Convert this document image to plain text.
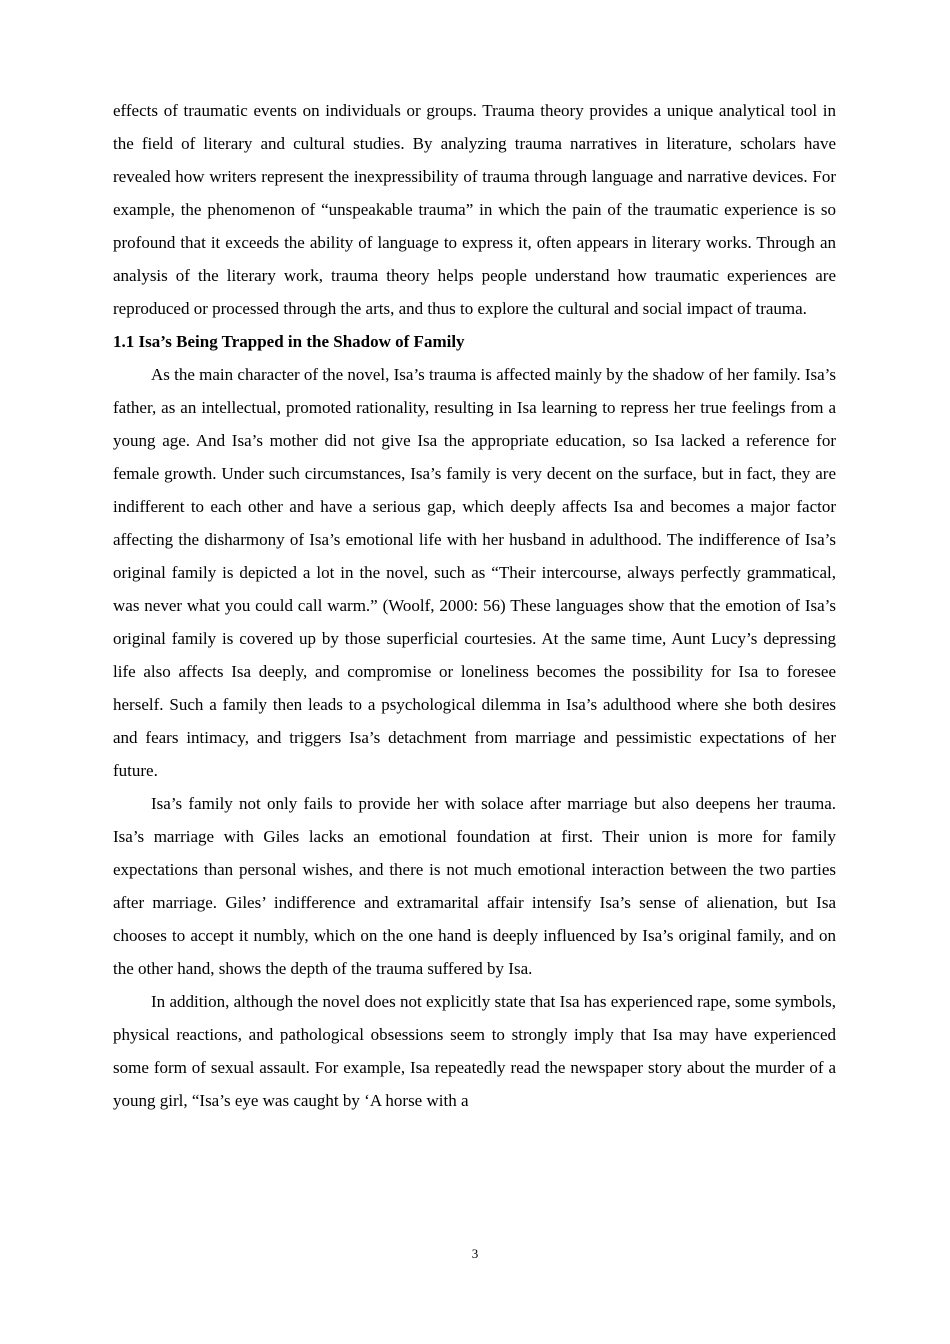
effects of traumatic events on individuals or groups. Trauma theory provides a unique analytical tool in the field of literary and cultural studies. By analyzing trauma narratives in literature, scholars have revealed how writers represent the inexpressibility of trauma through language and narrative devices. For example, the phenomenon of “unspeakable trauma” in which the pain of the traumatic experience is so profound that it exceeds the ability of language to express it, often appears in literary works. Through an analysis of the literary work, trauma theory helps people understand how traumatic experiences are reproduced or processed through the arts, and thus to explore the cultural and social impact of trauma.

1.1 Isa’s Being Trapped in the Shadow of Family

As the main character of the novel, Isa’s trauma is affected mainly by the shadow of her family. Isa’s father, as an intellectual, promoted rationality, resulting in Isa learning to repress her true feelings from a young age. And Isa’s mother did not give Isa the appropriate education, so Isa lacked a reference for female growth. Under such circumstances, Isa’s family is very decent on the surface, but in fact, they are indifferent to each other and have a serious gap, which deeply affects Isa and becomes a major factor affecting the disharmony of Isa’s emotional life with her husband in adulthood. The indifference of Isa’s original family is depicted a lot in the novel, such as “Their intercourse, always perfectly grammatical, was never what you could call warm.” (Woolf, 2000: 56) These languages show that the emotion of Isa’s original family is covered up by those superficial courtesies. At the same time, Aunt Lucy’s depressing life also affects Isa deeply, and compromise or loneliness becomes the possibility for Isa to foresee herself. Such a family then leads to a psychological dilemma in Isa’s adulthood where she both desires and fears intimacy, and triggers Isa’s detachment from marriage and pessimistic expectations of her future.

Isa’s family not only fails to provide her with solace after marriage but also deepens her trauma. Isa’s marriage with Giles lacks an emotional foundation at first. Their union is more for family expectations than personal wishes, and there is not much emotional interaction between the two parties after marriage. Giles’ indifference and extramarital affair intensify Isa’s sense of alienation, but Isa chooses to accept it numbly, which on the one hand is deeply influenced by Isa’s original family, and on the other hand, shows the depth of the trauma suffered by Isa.

In addition, although the novel does not explicitly state that Isa has experienced rape, some symbols, physical reactions, and pathological obsessions seem to strongly imply that Isa may have experienced some form of sexual assault. For example, Isa repeatedly read the newspaper story about the murder of a young girl, “Isa’s eye was caught by ‘A horse with a

3
